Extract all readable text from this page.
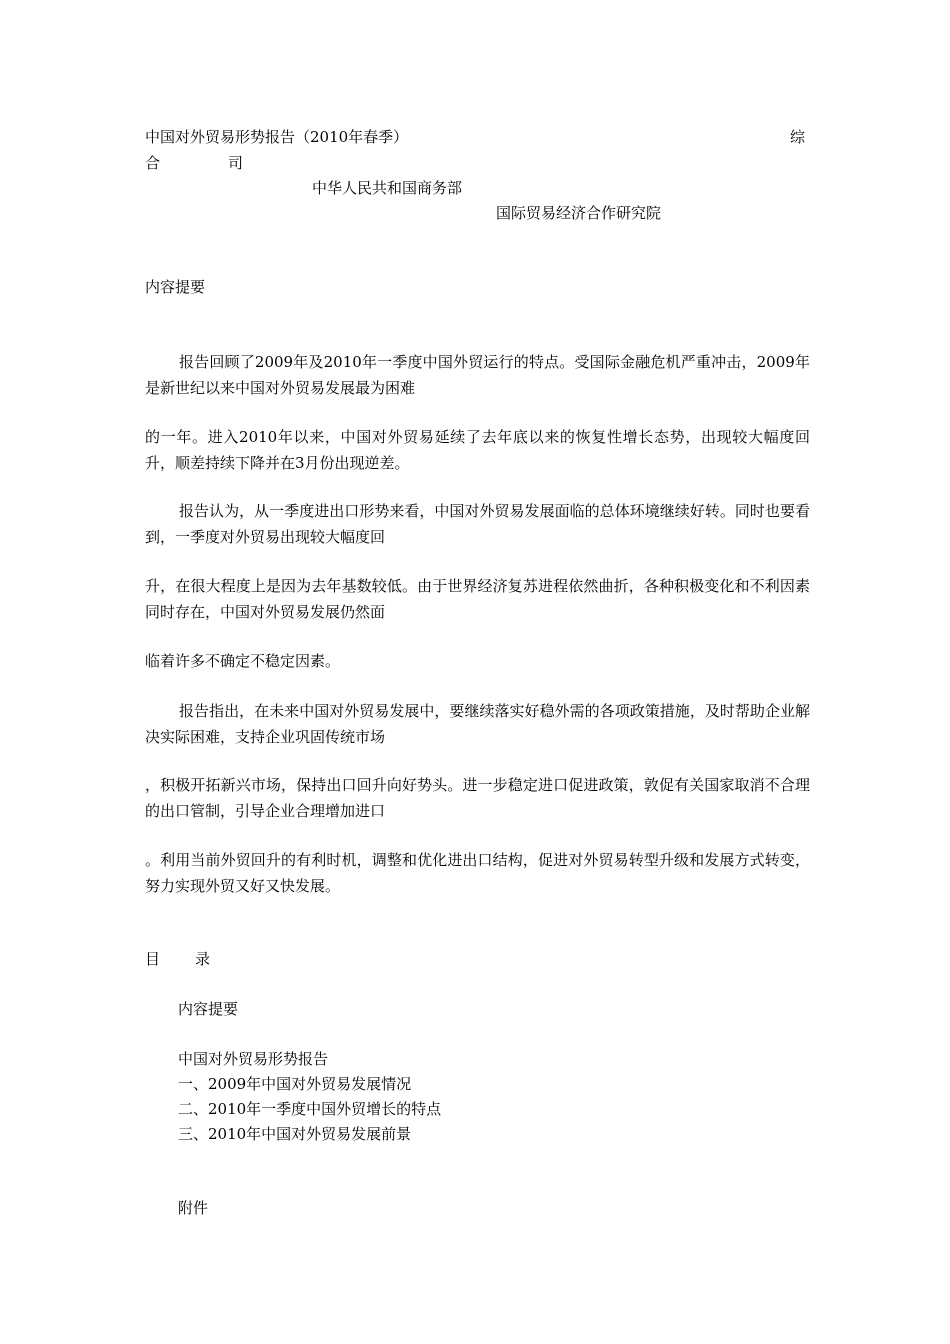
中国对外贸易形势报告（2010年春季）	综
合	司
中华人民共和国商务部
国际贸易经济合作研究院
内容提要
报告回顾了2009年及2010年一季度中国外贸运行的特点。受国际金融危机严重冲击，2009年是新世纪以来中国对外贸易发展最为困难
的一年。进入2010年以来，中国对外贸易延续了去年底以来的恢复性增长态势，出现较大幅度回升，顺差持续下降并在3月份出现逆差。
报告认为，从一季度进出口形势来看，中国对外贸易发展面临的总体环境继续好转。同时也要看到，一季度对外贸易出现较大幅度回
升，在很大程度上是因为去年基数较低。由于世界经济复苏进程依然曲折，各种积极变化和不利因素同时存在，中国对外贸易发展仍然面
临着许多不确定不稳定因素。
报告指出，在未来中国对外贸易发展中，要继续落实好稳外需的各项政策措施，及时帮助企业解决实际困难，支持企业巩固传统市场
，积极开拓新兴市场，保持出口回升向好势头。进一步稳定进口促进政策，敦促有关国家取消不合理的出口管制，引导企业合理增加进口
。利用当前外贸回升的有利时机，调整和优化进出口结构，促进对外贸易转型升级和发展方式转变，努力实现外贸又好又快发展。
目 录
内容提要
中国对外贸易形势报告
一、2009年中国对外贸易发展情况
二、2010年一季度中国外贸增长的特点
三、2010年中国对外贸易发展前景
附件
